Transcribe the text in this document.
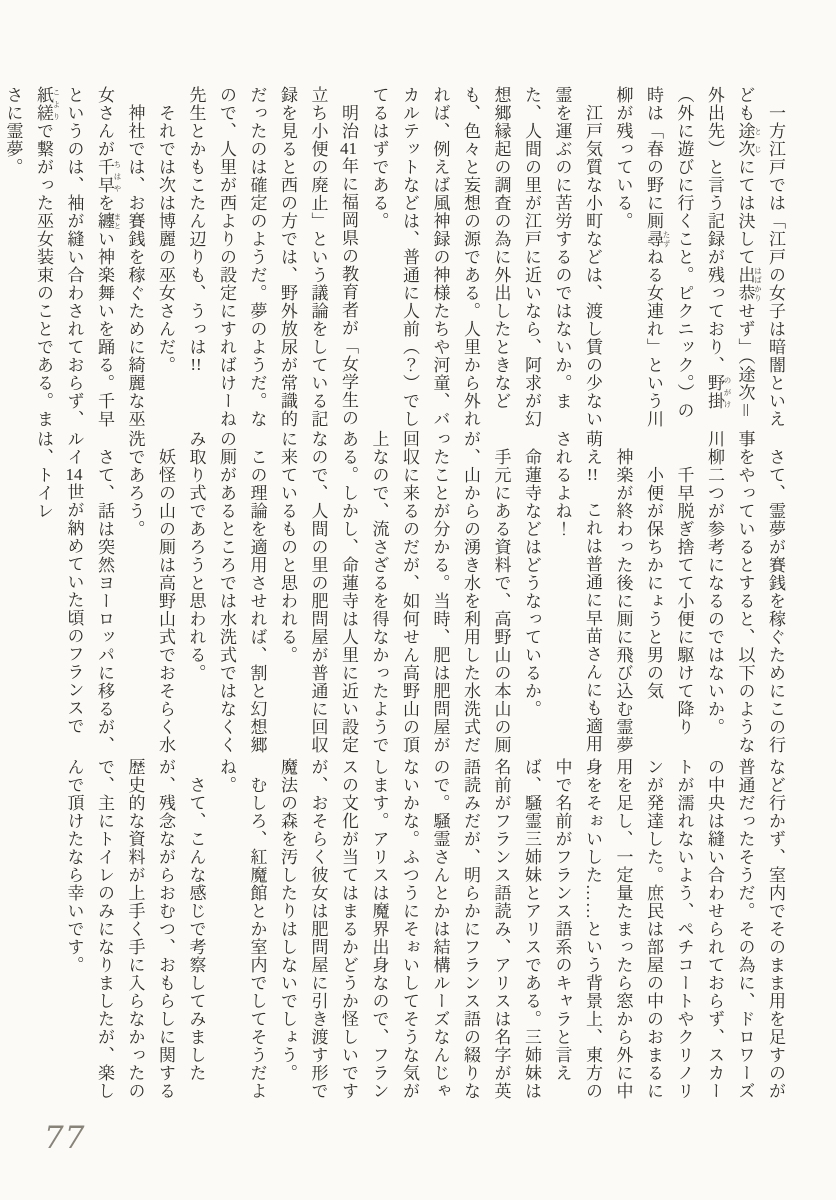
一方江戸では「江戸の女子は暗闇といえども途次 とじにては決して出恭 はばかりせず」（途次＝外出先）と言う記録が残っており、野掛 のがけ（外に遊びに行くこと。ピクニック。）の時は「春の野に厠尋 たずねる女連れ」という川柳が残っている。

江戸気質な小町などは、渡し賃の少ない霊を運ぶのに苦労するのではないか。また、人間の里が江戸に近いなら、阿求が幻想郷縁起の調査の為に外出したときなども、色々と妄想の源である。人里から外れれば、例えば風神録の神様たちや河童、バカルテットなどは、普通に人前（？）でしてるはずである。

明治41年に福岡県の教育者が「女学生の立ち小便の廃止」という議論をしている記録を見ると西の方では、野外放尿が常識的だったのは確定のようだ。夢のようだ。なので、人里が西よりの設定にすればけーね先生とかもこたん辺りも、うっは!!

それでは次は博麗の巫女さんだ。

神社では、お賽銭を稼ぐために綺麗な巫女さんが千早 ちはやを纏 まとい神楽舞いを踊る。千早というのは、袖が縫い合わされておらず、紙縒 こよりで繋がった巫女装束のことである。まさに霊夢。

さて、霊夢が賽銭を稼ぐためにこの行事をやっているとすると、以下のような川柳二つが参考になるのではないか。

千早脱ぎ捨てて小便に駆けて降り

小便が保ちかにょうと男の気

神楽が終わった後に厠に飛び込む霊夢萌え!!　これは普通に早苗さんにも適用されるよね！

命蓮寺などはどうなっているか。

手元にある資料で、高野山の本山の厠が、山からの湧き水を利用した水洗式だったことが分かる。当時、肥は肥問屋が回収に来るのだが、如何せん高野山の頂上なので、流さざるを得なかったようである。しかし、命蓮寺は人里に近い設定なので、人間の里の肥問屋が普通に回収に来ているものと思われる。

この理論を適用させれば、割と幻想郷の厠があるところでは水洗式ではなくくみ取り式であろうと思われる。

妖怪の山の厠は高野山式でおそらく水洗であろう。

さて、話は突然ヨーロッパに移るが、ルイ14世が納めていた頃のフランスでは、トイレ

など行かず、室内でそのまま用を足すのが普通だったそうだ。その為に、ドロワーズの中央は縫い合わせられておらず、スカートが濡れないよう、ペチコートやクリノリンが発達した。庶民は部屋の中のおまるに用を足し、一定量たまったら窓から外に中身をそぉいした……という背景上、東方の中で名前がフランス語系のキャラと言えば、騒霊三姉妹とアリスである。三姉妹は名前がフランス語読み、アリスは名字が英語読みだが、明らかにフランス語の綴りなので。騒霊さんとかは結構ルーズなんじゃないかな。ふつうにそぉいしてそうな気がします。アリスは魔界出身なので、フランスの文化が当てはまるかどうか怪しいですが、おそらく彼女は肥問屋に引き渡す形で魔法の森を汚したりはしないでしょう。

むしろ、紅魔館とか室内でしてそうだよね。

さて、こんな感じで考察してみましたが、残念ながらおむつ、おもらしに関する歴史的な資料が上手く手に入らなかったので、主にトイレのみになりましたが、楽しんで頂けたなら幸いです。

77
